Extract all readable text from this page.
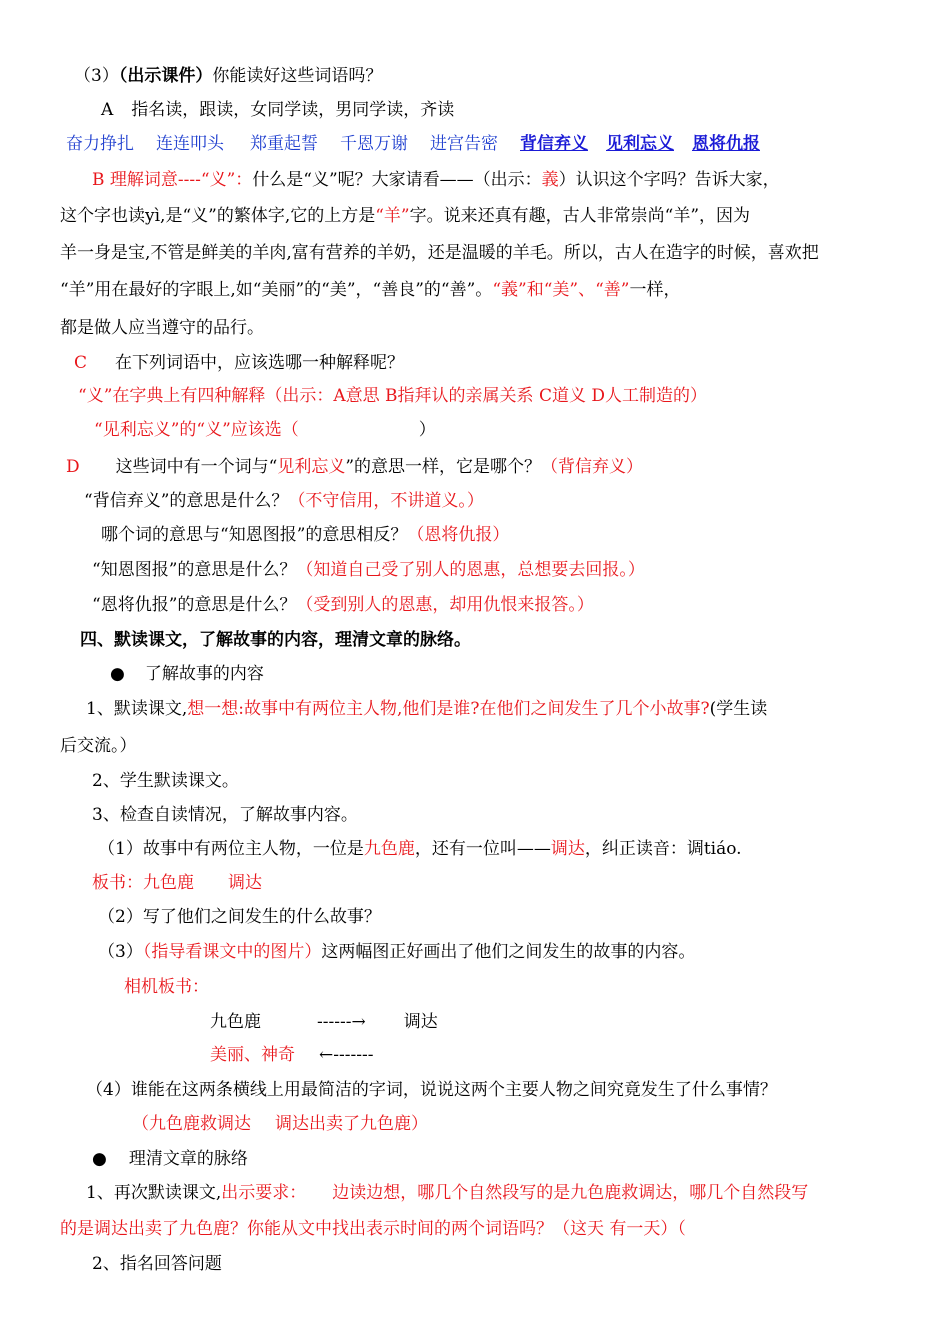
（3）（出示课件）你能读好这些词语吗？
A 指名读，跟读，女同学读，男同学读，齐读
奋力挣扎 连连叩头 郑重起誓 千恩万谢 进宫告密 背信弃义 见利忘义 恩将仇报
B 理解词意----“义”：什么是“义”呢？大家请看——（出示：義）认识这个字吗？告诉大家，
这个字也读yì,是“义”的繁体字,它的上方是“羊”字。说来还真有趣，古人非常崇尚“羊”，因为
羊一身是宝,不管是鲜美的羊肉,富有营养的羊奶，还是温暖的羊毛。所以，古人在造字的时候，喜欢把
“羊”用在最好的字眼上,如“美丽”的“美”，“善良”的“善”。“義”和“美”、“善”一样，
都是做人应当遵守的品行。
C 在下列词语中，应该选哪一种解释呢？
“义”在字典上有四种解释（出示：A意思 B指拜认的亲属关系 C道义 D人工制造的）
“见利忘义”的“义”应该选（	）
D 这些词中有一个词与“见利忘义”的意思一样，它是哪个？（背信弃义）
“背信弃义”的意思是什么？（不守信用，不讲道义。）
哪个词的意思与“知恩图报”的意思相反？（恩将仇报）
“知恩图报”的意思是什么？（知道自己受了别人的恩惠，总想要去回报。）
“恩将仇报”的意思是什么？（受到别人的恩惠，却用仇恨来报答。）
四、默读课文，了解故事的内容，理清文章的脉络。
● 了解故事的内容
1、默读课文,想一想:故事中有两位主人物,他们是谁?在他们之间发生了几个小故事?(学生读
后交流。）
2、学生默读课文。
3、检查自读情况，了解故事内容。
（1）故事中有两位主人物，一位是九色鹿，还有一位叫——调达，纠正读音：调tiáo.
板书：九色鹿 调达
（2）写了他们之间发生的什么故事？
（3）（指导看课文中的图片）这两幅图正好画出了他们之间发生的故事的内容。
相机板书：
九色鹿	------→ 调达
美丽、神奇 ←-------
（4）谁能在这两条横线上用最简洁的字词，说说这两个主要人物之间究竟发生了什么事情？
（九色鹿救调达 调达出卖了九色鹿）
● 理清文章的脉络
1、再次默读课文,出示要求： 边读边想，哪几个自然段写的是九色鹿救调达，哪几个自然段写
的是调达出卖了九色鹿？你能从文中找出表示时间的两个词语吗？（这天 有一天）（
2、指名回答问题
